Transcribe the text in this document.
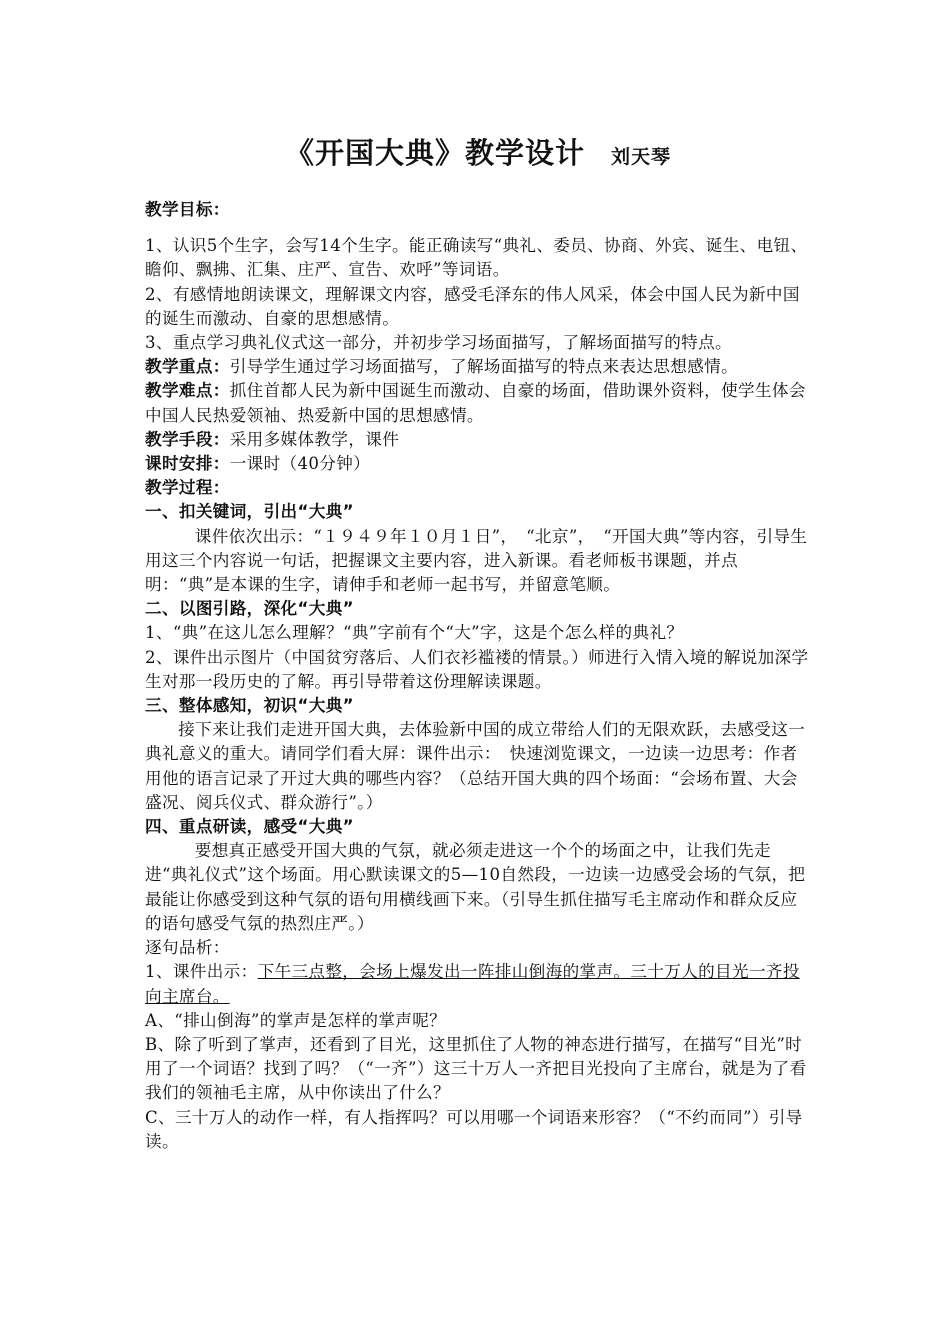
《开国大典》教学设计 刘天琴

教学目标：

1、认识5个生字，会写14个生字。能正确读写“典礼、委员、协商、外宾、诞生、电钮、瞻仰、飘拂、汇集、庄严、宣告、欢呼”等词语。

2、有感情地朗读课文，理解课文内容，感受毛泽东的伟人风采，体会中国人民为新中国的诞生而激动、自豪的思想感情。

3、重点学习典礼仪式这一部分，并初步学习场面描写，了解场面描写的特点。

教学重点：引导学生通过学习场面描写，了解场面描写的特点来表达思想感情。

教学难点：抓住首都人民为新中国诞生而激动、自豪的场面，借助课外资料，使学生体会中国人民热爱领袖、热爱新中国的思想感情。

教学手段：采用多媒体教学，课件

课时安排：一课时（40分钟）

教学过程：

一、扣关键词，引出“大典”

课件依次出示：“１９４９年１０月１日”，　“北京”，　“开国大典”等内容，引导生用这三个内容说一句话，把握课文主要内容，进入新课。看老师板书课题，并点明：“典”是本课的生字，请伸手和老师一起书写，并留意笔顺。

二、以图引路，深化“大典”

1、“典”在这儿怎么理解？“典”字前有个“大”字，这是个怎么样的典礼？

2、课件出示图片（中国贫穷落后、人们衣衫褴褛的情景。）师进行入情入境的解说加深学生对那一段历史的了解。再引导带着这份理解读课题。

三、整体感知，初识“大典”

接下来让我们走进开国大典，去体验新中国的成立带给人们的无限欢跃，去感受这一典礼意义的重大。请同学们看大屏：课件出示：　快速浏览课文，一边读一边思考：作者用他的语言记录了开过大典的哪些内容？（总结开国大典的四个场面：“会场布置、大会盛况、阅兵仪式、群众游行”。）

四、重点研读，感受“大典”

要想真正感受开国大典的气氛，就必须走进这一个个的场面之中，让我们先走进“典礼仪式”这个场面。用心默读课文的5—10自然段，一边读一边感受会场的气氛，把最能让你感受到这种气氛的语句用横线画下来。（引导生抓住描写毛主席动作和群众反应的语句感受气氛的热烈庄严。）

逐句品析：

1、课件出示：下午三点整，会场上爆发出一阵排山倒海的掌声。三十万人的目光一齐投向主席台。

A、“排山倒海”的掌声是怎样的掌声呢？

B、除了听到了掌声，还看到了目光，这里抓住了人物的神态进行描写，在描写“目光”时用了一个词语？找到了吗？（“一齐”）这三十万人一齐把目光投向了主席台，就是为了看我们的领袖毛主席，从中你读出了什么？

C、三十万人的动作一样，有人指挥吗？可以用哪一个词语来形容？（“不约而同”）引导读。
